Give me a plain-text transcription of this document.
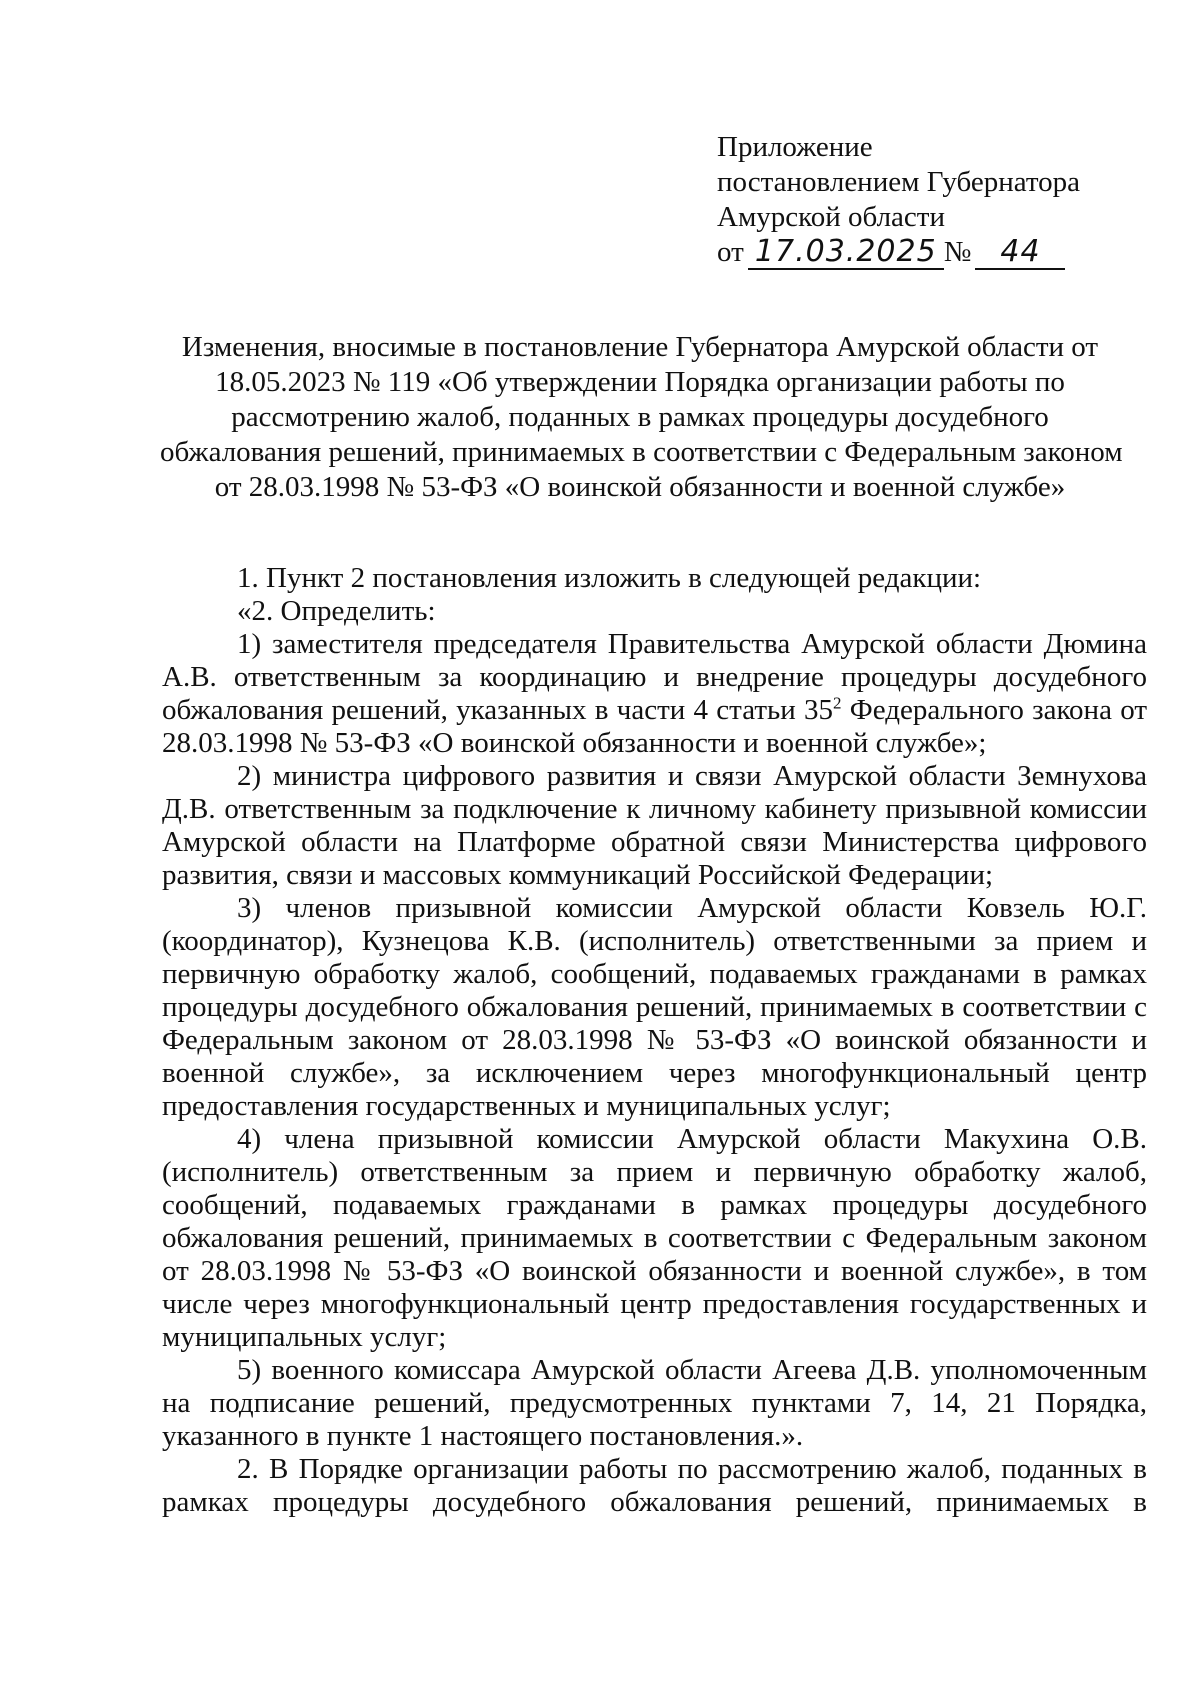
Приложение
постановлением Губернатора
Амурской области
от 17.03.2025 № 44
Изменения, вносимые в постановление Губернатора Амурской области от
18.05.2023 № 119 «Об утверждении Порядка организации работы по
рассмотрению жалоб, поданных в рамках процедуры досудебного
обжалования решений, принимаемых в соответствии с Федеральным законом
от 28.03.1998 № 53-ФЗ «О воинской обязанности и военной службе»

1. Пункт 2 постановления изложить в следующей редакции:

«2. Определить:

1) заместителя председателя Правительства Амурской области Дюмина А.В. ответственным за координацию и внедрение процедуры досудебного обжалования решений, указанных в части 4 статьи $35^2$ Федерального закона от 28.03.1998 № 53-ФЗ «О воинской обязанности и военной службе»;

2) министра цифрового развития и связи Амурской области Земнухова Д.В. ответственным за подключение к личному кабинету призывной комиссии Амурской области на Платформе обратной связи Министерства цифрового развития, связи и массовых коммуникаций Российской Федерации;

3) членов призывной комиссии Амурской области Ковзель Ю.Г. (координатор), Кузнецова К.В. (исполнитель) ответственными за прием и первичную обработку жалоб, сообщений, подаваемых гражданами в рамках процедуры досудебного обжалования решений, принимаемых в соответствии с Федеральным законом от 28.03.1998 № 53-ФЗ «О воинской обязанности и военной службе», за исключением через многофункциональный центр предоставления государственных и муниципальных услуг;

4) члена призывной комиссии Амурской области Макухина О.В. (исполнитель) ответственным за прием и первичную обработку жалоб, сообщений, подаваемых гражданами в рамках процедуры досудебного обжалования решений, принимаемых в соответствии с Федеральным законом от 28.03.1998 № 53-ФЗ «О воинской обязанности и военной службе», в том числе через многофункциональный центр предоставления государственных и муниципальных услуг;

5) военного комиссара Амурской области Агеева Д.В. уполномоченным на подписание решений, предусмотренных пунктами 7, 14, 21 Порядка, указанного в пункте 1 настоящего постановления.».

2. В Порядке организации работы по рассмотрению жалоб, поданных в рамках процедуры досудебного обжалования решений, принимаемых в
